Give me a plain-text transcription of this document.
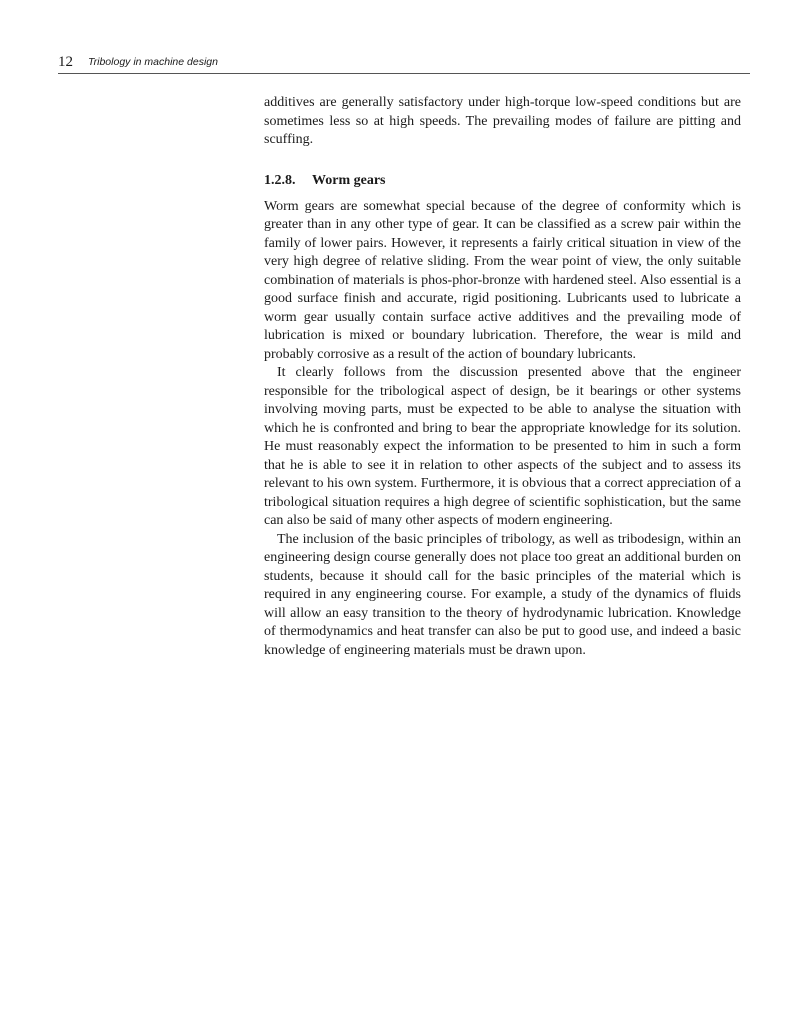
12 Tribology in machine design

additives are generally satisfactory under high-torque low-speed conditions but are sometimes less so at high speeds. The prevailing modes of failure are pitting and scuffing.

1.2.8. Worm gears

Worm gears are somewhat special because of the degree of conformity which is greater than in any other type of gear. It can be classified as a screw pair within the family of lower pairs. However, it represents a fairly critical situation in view of the very high degree of relative sliding. From the wear point of view, the only suitable combination of materials is phos-phor-bronze with hardened steel. Also essential is a good surface finish and accurate, rigid positioning. Lubricants used to lubricate a worm gear usually contain surface active additives and the prevailing mode of lubrication is mixed or boundary lubrication. Therefore, the wear is mild and probably corrosive as a result of the action of boundary lubricants.

It clearly follows from the discussion presented above that the engineer responsible for the tribological aspect of design, be it bearings or other systems involving moving parts, must be expected to be able to analyse the situation with which he is confronted and bring to bear the appropriate knowledge for its solution. He must reasonably expect the information to be presented to him in such a form that he is able to see it in relation to other aspects of the subject and to assess its relevant to his own system. Furthermore, it is obvious that a correct appreciation of a tribological situation requires a high degree of scientific sophistication, but the same can also be said of many other aspects of modern engineering.

The inclusion of the basic principles of tribology, as well as tribodesign, within an engineering design course generally does not place too great an additional burden on students, because it should call for the basic principles of the material which is required in any engineering course. For example, a study of the dynamics of fluids will allow an easy transition to the theory of hydrodynamic lubrication. Knowledge of thermodynamics and heat transfer can also be put to good use, and indeed a basic knowledge of engineering materials must be drawn upon.
